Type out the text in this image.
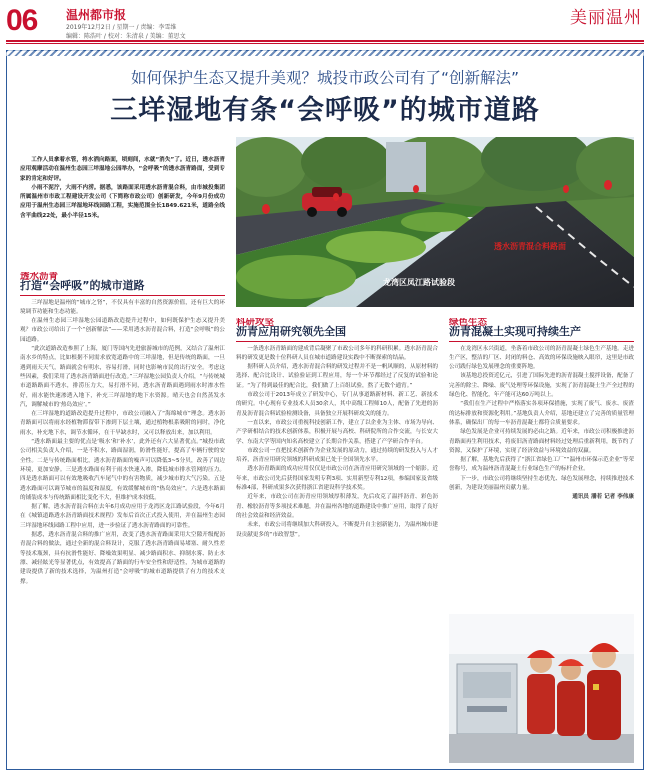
06 温州都市报
2019年12月2日 / 星期一 / 责编：李雪维
编辑：陈浩叶 / 校对：朱清泉 / 美编：董思文
美丽温州
如何保护生态又提升美观？城投市政公司有了“创新解法”
三垟湿地有条“会呼吸”的城市道路

工作人员拿着水管，将水洒向路面，顷刻间，水就“消失”了。近日，透水沥青应用观摩活动在温州生态园三垟湿地公园举办，“会呼吸”的透水沥青路面，受到专家的肯定和好评。

小雨不泥泞，大雨不内涝。据悉，该路面采用透水沥青混合料，由市城投集团所属温州市市政工程建设开发公司（下简称市政公司）创新研发，今年9月份成功应用于温州生态园三垟湿地环线园路工程，实施范围全长1849.621米，道路全线含平曲线22处，最小半径15米。

透水沥青混合料路面
龙湾区凤江路试验段
透水沥青
打造“会呼吸”的城市道路

三垟湿地是温州的“城市之肾”，不仅具有丰富的自然资源价值，还有巨大的环境调节功能和生态功能。

在温州生态园三垟湿地公园道路改造提升过程中，如何既保护生态又提升美观？市政公司给出了一个“创新解法”——采用透水沥青混合料，打造“会呼吸”的公园道路。

“此次道路改造参照了上海，厦门等国内先进旅游城市的范例，又结合了温州江南水乡的特点，比如根据不同需求放宽道路中的三垟湿地，但是传统的路面，一旦遇到雨天天气，路面就会有明水，容易打滑，同时也影响市民的出行安全。考虑这些因素，我们采用了透水沥青路面进行改造。”三垟湿地公园负责人介绍，“与传统城市道路路面不透水，排涝压力大，易打滑不同，透水沥青路面遇到雨水时渗水性好，雨水能快速渗透入地下，补充三垟湿地的地下水资源。晴天也会自然蒸发水汽，调解城市的‘热岛效应’。”

在三垟湿地的道路改造提升过程中，市政公司融入了“海绵城市”理念。透水沥青路面可以将雨水经植物滞留带下渗到下层土壤，通过植物根系吸附的同时，净化雨水，补充地下水，调节水循环，在干旱缺水时，又可以释放出来，加以利用。

“透水路面最主要的优点是‘吸水’和‘补水’，此外还有六大显著优点。”城投市政公司相关负责人介绍，一是不积水，路面湿润，防滑性能好，提高了车辆行驶的安全性。二是与传统路面相比，透水沥青路面的噪声可以降低3~5分贝，改善了周边环境，更加安静。三是透水路面有利于雨水快速入渗，降低城市排水管网的压力。四是透水路面可以有效地吸收汽车尾气中的有害物质，减少城市的大气污染。五是透水路面可以调节城市的温度和湿度，有效缓解城市的“热岛效应”。六是透水路面的铺装成本与传统路面相比变化不大，但维护成本较低。

据了解，透水沥青混合料在去年6月成功应用于龙湾区龙江路试验段，今年6月在《城镇道路透水沥青路面技术规程》发布后首次正式投入使用，并在温州生态园三垟湿地环线园路工程中应用，进一步验证了透水沥青路面的可靠性。

据悉，透水沥青混合料的推广应用，改变了透水沥青路面采用大空隙开级配沥青混合料的做法，通过全新的混合料设计，克服了透水沥青路面易堵塞、耐久性差等技术瓶颈，具有抗滑性能好、降噪效果明显、减少路面积水、抑制水雾、防止水漂、减轻眩光等显著优点，有效提高了路面的行车安全性和舒适性，为城市道路的建设提供了新的技术选择，为温州打造“会呼吸”的城市道路提供了有力的技术支撑。

科研攻坚
沥青应用研究领先全国

一条透水沥青路面的建成背后凝聚了市政公司多年的科研积累。透水沥青混合料的研发更是数十位科研人员在城市道路建设实践中不断探索的结晶。

据科研人员介绍，透水沥青混合料的研发过程并不是一帆风顺的，从原材料的选择、配合比设计、试验验证到工程应用，每一个环节都经过了反复的试验和论证。“为了得到最佳的配合比，我们做了上百组试验，熬了无数个通宵。”

市政公司于2013年成立了研发中心，专门从事道路新材料、新工艺、新技术的研究。中心现有专业技术人员30余人，其中高级工程师10人，配备了先进的沥青及沥青混合料试验检测设备，具备独立开展科研攻关的能力。

一直以来，市政公司重视科技创新工作，建立了以企业为主体、市场为导向、产学研相结合的技术创新体系，积极开展与高校、科研院所的合作交流，与长安大学、东南大学等国内知名高校建立了长期合作关系，搭建了产学研合作平台。

市政公司一直把技术创新作为企业发展的原动力，通过持续的研发投入与人才培养，沥青应用研究领域的科研成果已处于全国领先水平。

透水沥青路面的成功应用仅仅是市政公司在沥青应用研究领域的一个缩影。近年来，市政公司先后获得国家发明专利3项、实用新型专利12项，参编国家及省级标准4部，科研成果多次获得浙江省建设科学技术奖。

近年来，市政公司在沥青应用领域厚积薄发，先后攻克了温拌沥青、彩色沥青、橡胶沥青等多项技术难题，并在温州各地的道路建设中推广应用，取得了良好的社会效益和经济效益。

未来，市政公司将继续加大科研投入，不断提升自主创新能力，为温州城市建设贡献更多的“市政智慧”。

绿色生态
沥青混凝土实现可持续生产

在龙湾区永兴街道，坐落着市政公司的沥青混凝土绿色生产基地。走进生产区，整洁的厂区、封闭的料仓、高效的环保设施映入眼帘，这里是市政公司践行绿色发展理念的重要阵地。

该基地总投资近亿元，引进了国际先进的沥青混凝土搅拌设备，配备了完善的除尘、降噪、废气处理等环保设施，实现了沥青混凝土生产全过程的绿色化、智能化，年产能可达60万吨以上。

“我们在生产过程中严格落实各项环保措施，实现了废气、废水、废渣的达标排放和资源化利用。”基地负责人介绍，基地还建立了完善的质量管理体系，确保出厂的每一车沥青混凝土都符合质量要求。

绿色发展是企业可持续发展的必由之路。近年来，市政公司积极推进沥青路面再生利用技术，将废旧沥青路面材料经过处理后重新利用，既节约了资源，又保护了环境，实现了经济效益与环境效益的双赢。

据了解，基地先后获得了“浙江省绿色工厂”“温州市环保示范企业”等荣誉称号，成为温州沥青混凝土行业绿色生产的标杆企业。

下一步，市政公司将继续坚持生态优先、绿色发展理念，持续推进技术创新，为建设美丽温州贡献力量。

通讯员 潘若 记者 李伟康
